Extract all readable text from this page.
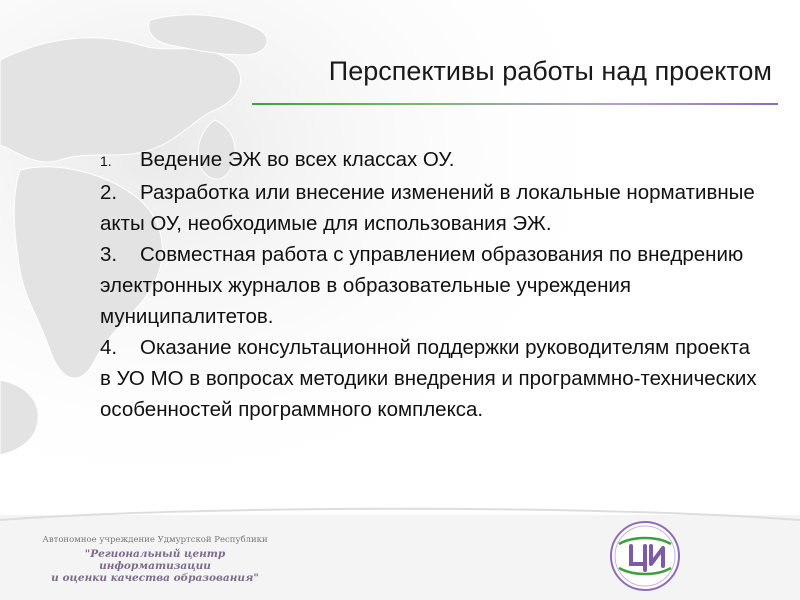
Перспективы работы над проектом

1. Ведение ЭЖ во всех классах ОУ.

2. Разработка или внесение изменений в локальные нормативные акты ОУ, необходимые для использования ЭЖ.

3. Совместная работа с управлением образования по внедрению электронных журналов в образовательные учреждения муниципалитетов.

4. Оказание консультационной поддержки руководителям проекта в УО МО в вопросах методики внедрения и программно-технических особенностей программного комплекса.

Автономное учреждение Удмуртской Республики
"Региональный центр информатизации
и оценки качества образования"
